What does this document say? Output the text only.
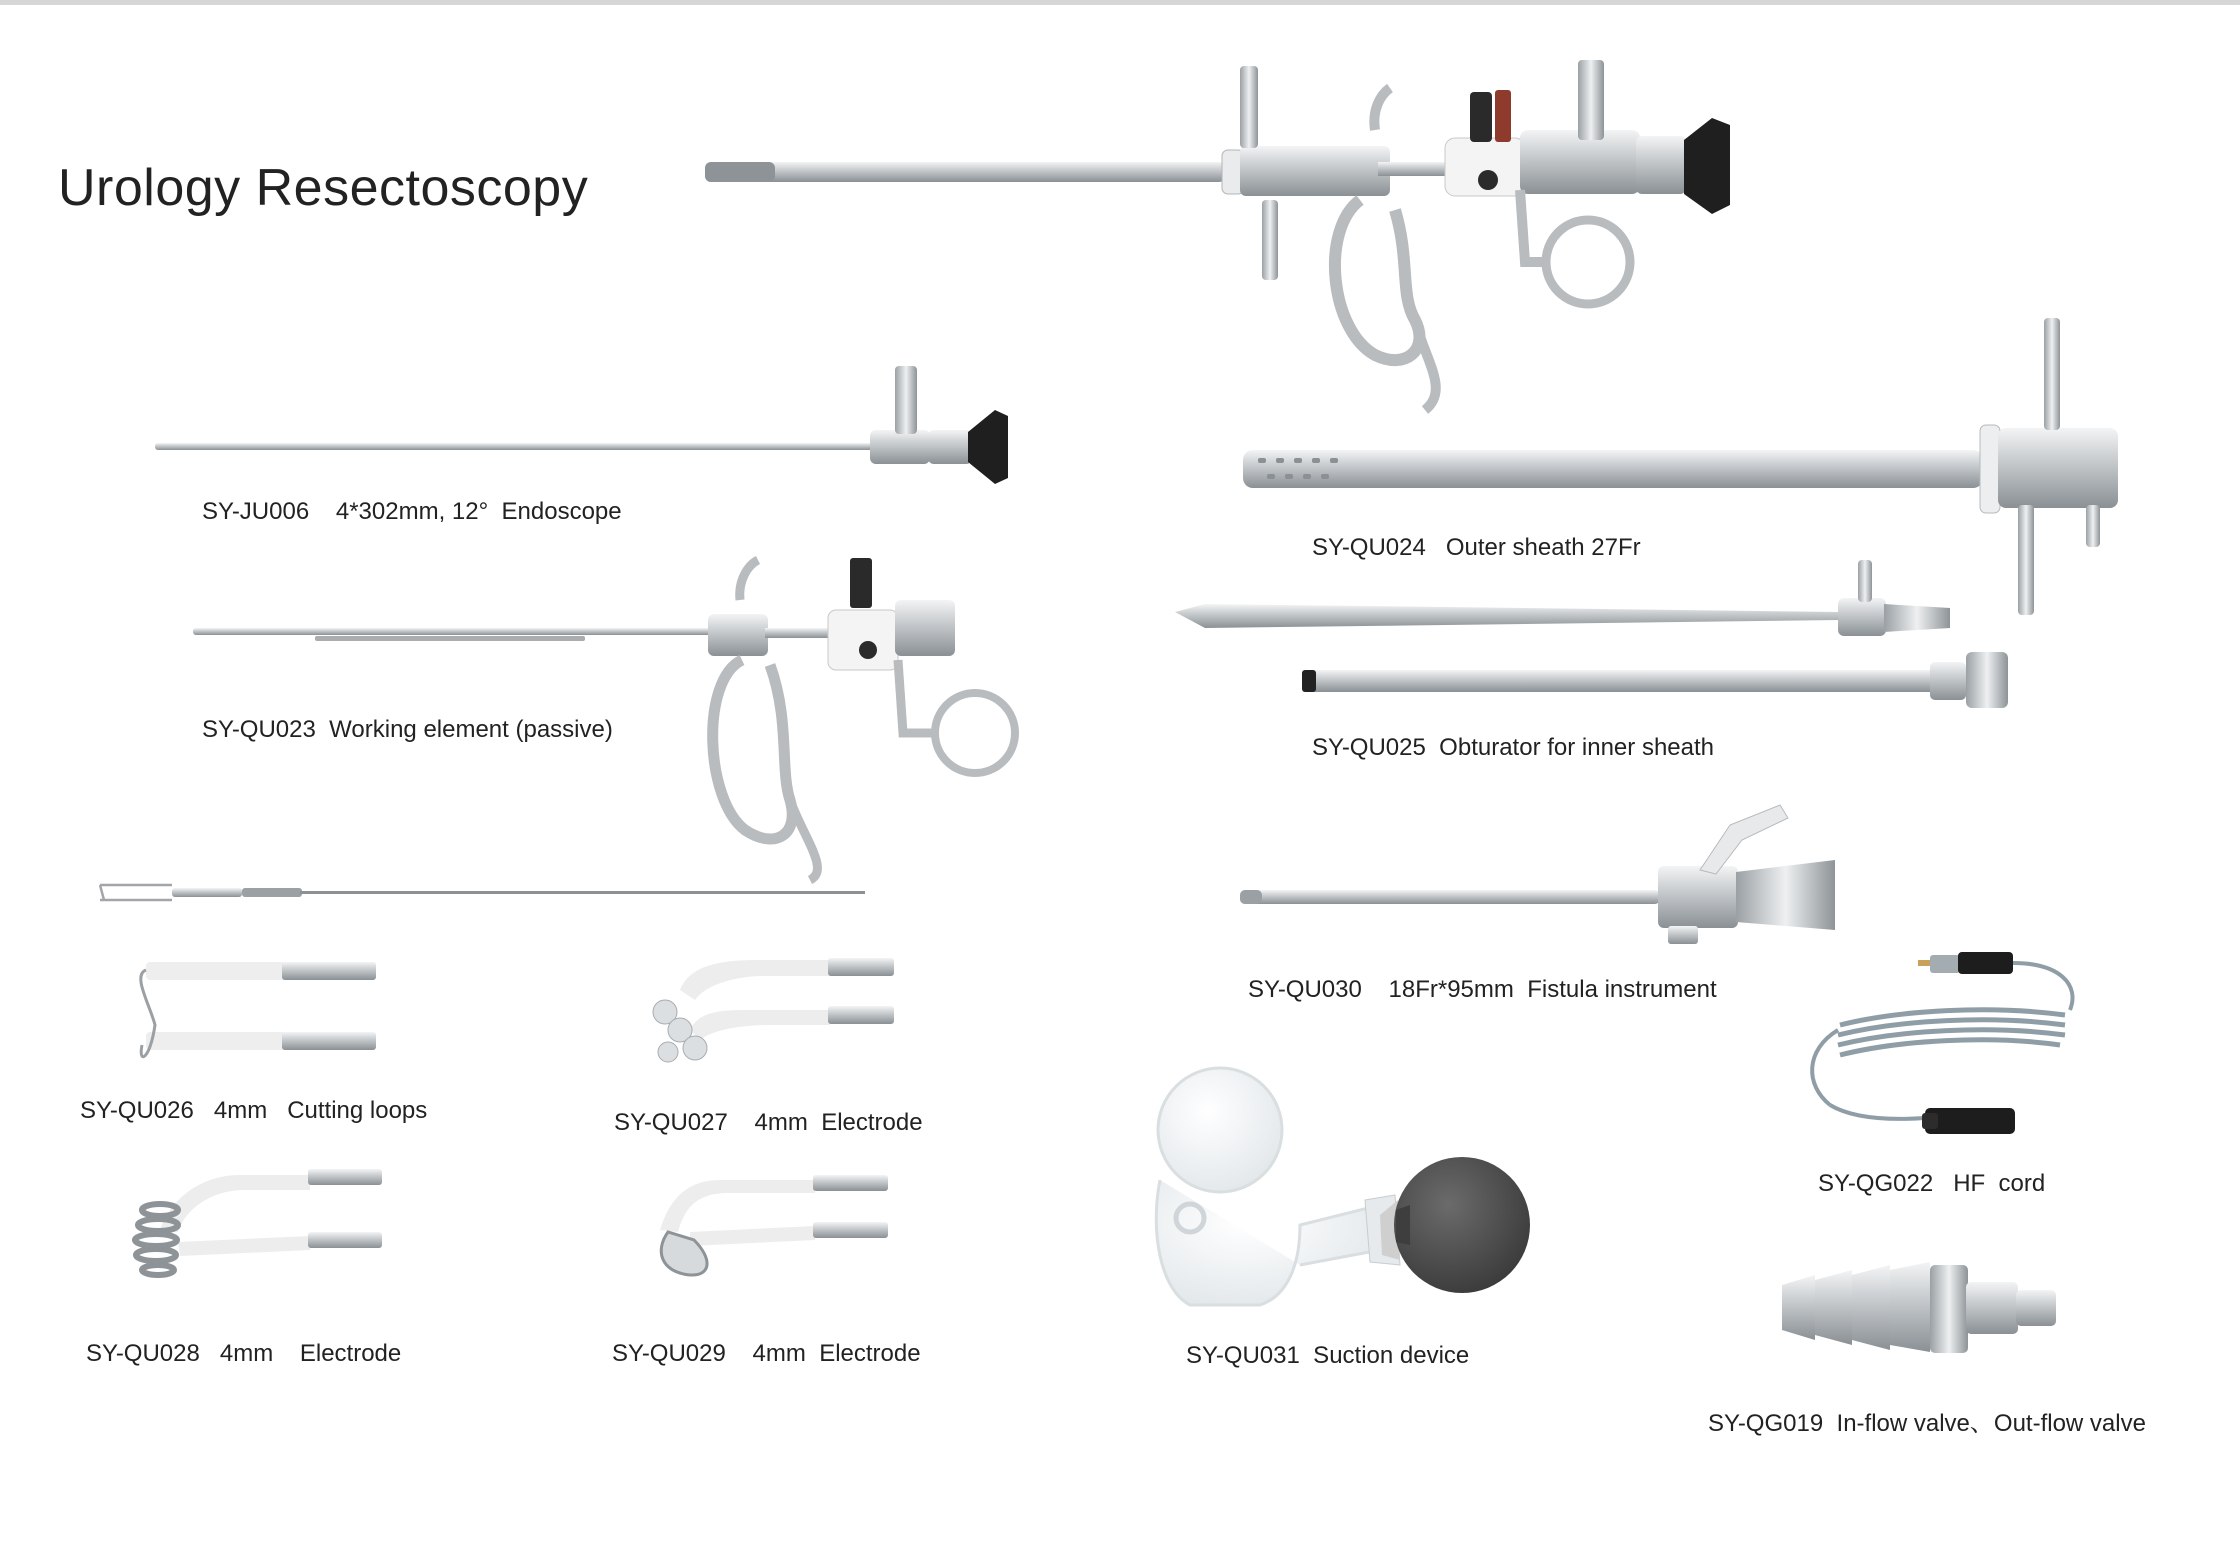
Urology Resectoscopy
SY-JU006    4*302mm, 12°  Endoscope
SY-QU023  Working element (passive)
SY-QU024   Outer sheath 27Fr
SY-QU025  Obturator for inner sheath
SY-QU030    18Fr*95mm  Fistula instrument
SY-QU026   4mm   Cutting loops	SY-QU027    4mm  Electrode
SY-QG022   HF  cord
SY-QU028   4mm    Electrode	SY-QU029    4mm  Electrode	SY-QU031  Suction device
SY-QG019  In-flow valve、Out-flow valve
